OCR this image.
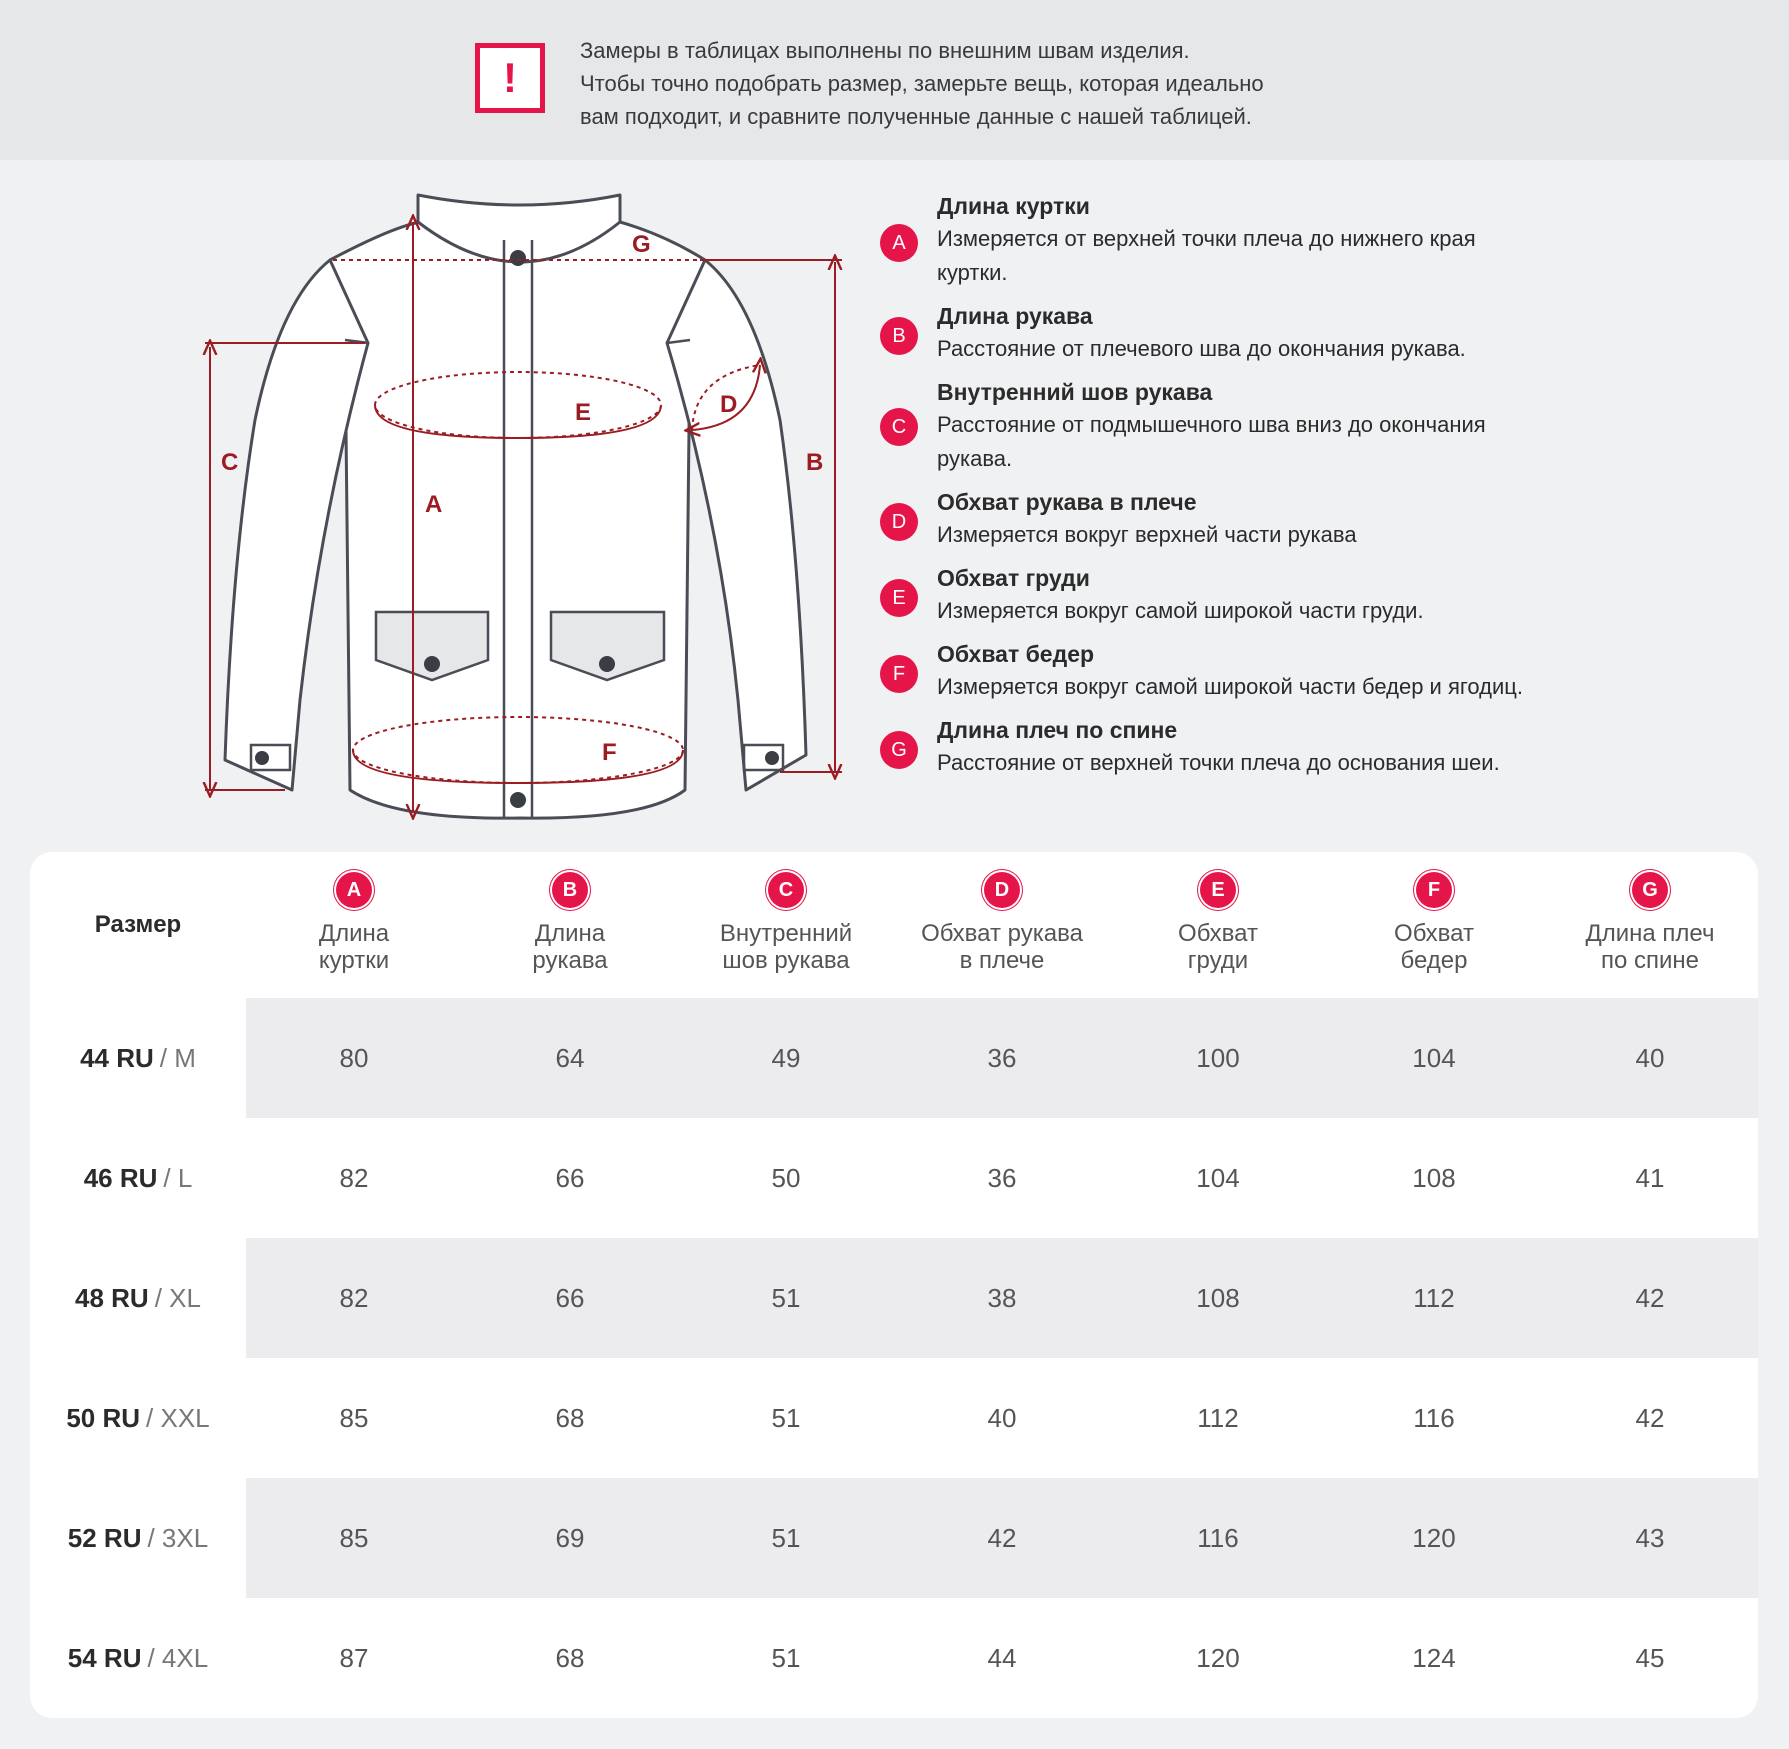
!
Замеры в таблицах выполнены по внешним швам изделия.
Чтобы точно подобрать размер, замерьте вещь, которая идеально
вам подходит, и сравните полученные данные с нашей таблицей.
G
A
C	B
E	D
F
A
Длина куртки
Измеряется от верхней точки плеча до нижнего края
куртки.
B
Длина рукава
Расстояние от плечевого шва до окончания рукава.
C
Внутренний шов рукава
Расстояние от подмышечного шва вниз до окончания
рукава.
D
Обхват рукава в плече
Измеряется вокруг верхней части рукава
E
Обхват груди
Измеряется вокруг самой широкой части груди.
F
Обхват бедер
Измеряется вокруг самой широкой части бедер и ягодиц.
G
Длина плеч по спине
Расстояние от верхней точки плеча до основания шеи.
Размер
A
Длина
куртки
B
Длина
рукава
C
Внутренний
шов рукава
D
Обхват рукава
в плече
E
Обхват
груди
F
Обхват
бедер
G
Длина плеч
по спине
44 RU / M	80	64	49	36	100	104	40
46 RU / L	82	66	50	36	104	108	41
48 RU / XL	82	66	51	38	108	112	42
50 RU / XXL	85	68	51	40	112	116	42
52 RU / 3XL	85	69	51	42	116	120	43
54 RU / 4XL	87	68	51	44	120	124	45
